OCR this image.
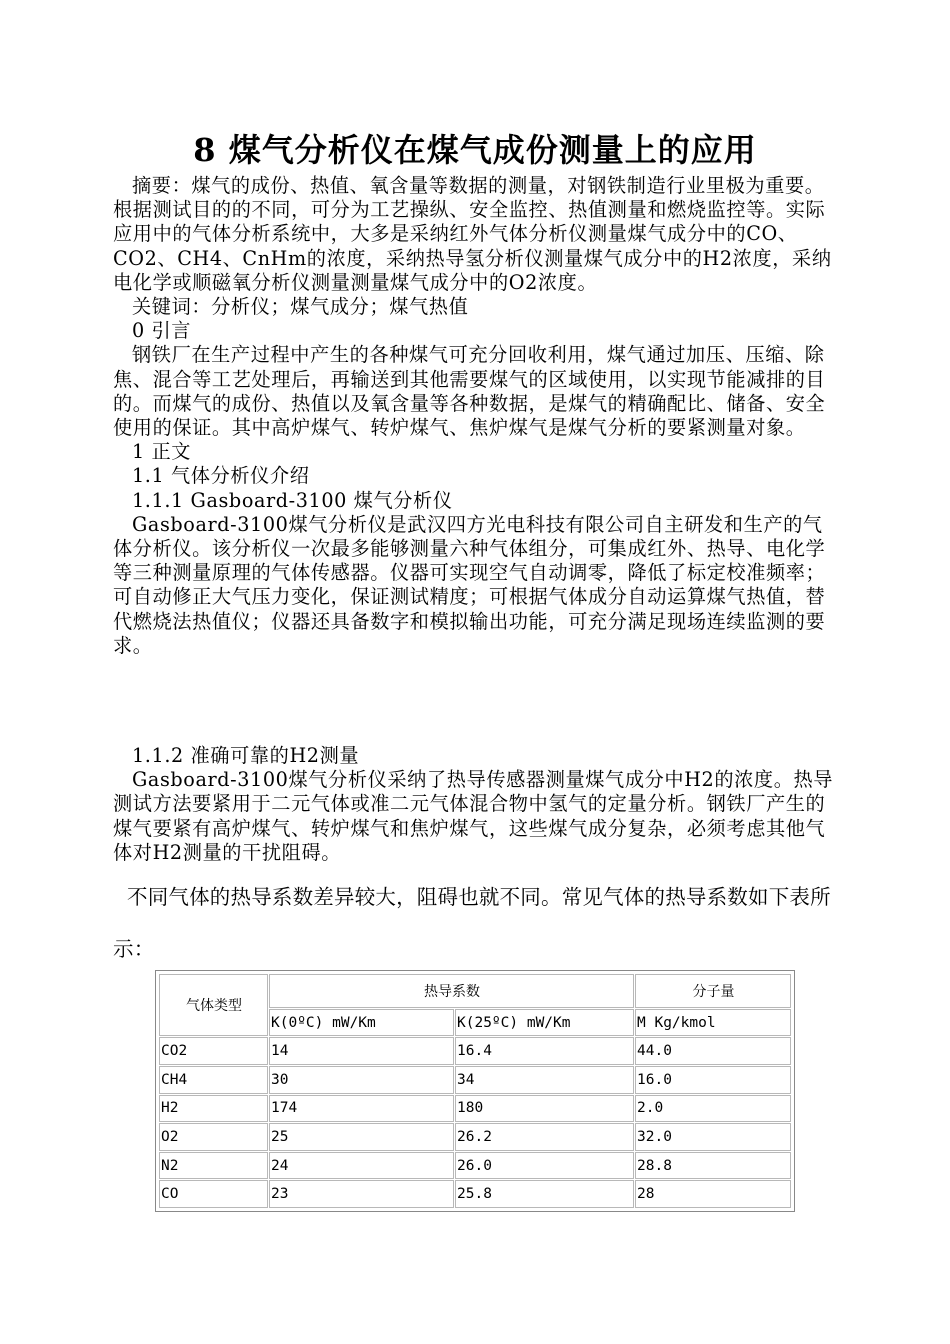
8 煤气分析仪在煤气成份测量上的应用

摘要：煤气的成份、热值、氧含量等数据的测量，对钢铁制造行业里极为重要。根据测试目的的不同，可分为工艺操纵、安全监控、热值测量和燃烧监控等。实际应用中的气体分析系统中，大多是采纳红外气体分析仪测量煤气成分中的CO、CO2、CH4、CnHm的浓度，采纳热导氢分析仪测量煤气成分中的H2浓度，采纳电化学或顺磁氧分析仪测量测量煤气成分中的O2浓度。

关键词：分析仪；煤气成分；煤气热值

0 引言

钢铁厂在生产过程中产生的各种煤气可充分回收利用，煤气通过加压、压缩、除焦、混合等工艺处理后，再输送到其他需要煤气的区域使用，以实现节能减排的目的。而煤气的成份、热值以及氧含量等各种数据，是煤气的精确配比、储备、安全使用的保证。其中高炉煤气、转炉煤气、焦炉煤气是煤气分析的要紧测量对象。

1 正文

1.1 气体分析仪介绍

1.1.1 Gasboard-3100 煤气分析仪

Gasboard-3100煤气分析仪是武汉四方光电科技有限公司自主研发和生产的气体分析仪。该分析仪一次最多能够测量六种气体组分，可集成红外、热导、电化学等三种测量原理的气体传感器。仪器可实现空气自动调零，降低了标定校准频率；可自动修正大气压力变化，保证测试精度；可根据气体成分自动运算煤气热值，替代燃烧法热值仪；仪器还具备数字和模拟输出功能，可充分满足现场连续监测的要求。

1.1.2 准确可靠的H2测量

Gasboard-3100煤气分析仪采纳了热导传感器测量煤气成分中H2的浓度。热导测试方法要紧用于二元气体或准二元气体混合物中氢气的定量分析。钢铁厂产生的煤气要紧有高炉煤气、转炉煤气和焦炉煤气，这些煤气成分复杂，必须考虑其他气体对H2测量的干扰阻碍。

不同气体的热导系数差异较大，阻碍也就不同。常见气体的热导系数如下表所示：
气体类型	热导系数		分子量
	K(0ºC) mW/Km	K(25ºC) mW/Km	M Kg/kmol
CO2	14	16.4	44.0
CH4	30	34	16.0
H2	174	180	2.0
O2	25	26.2	32.0
N2	24	26.0	28.8
CO	23	25.8	28
